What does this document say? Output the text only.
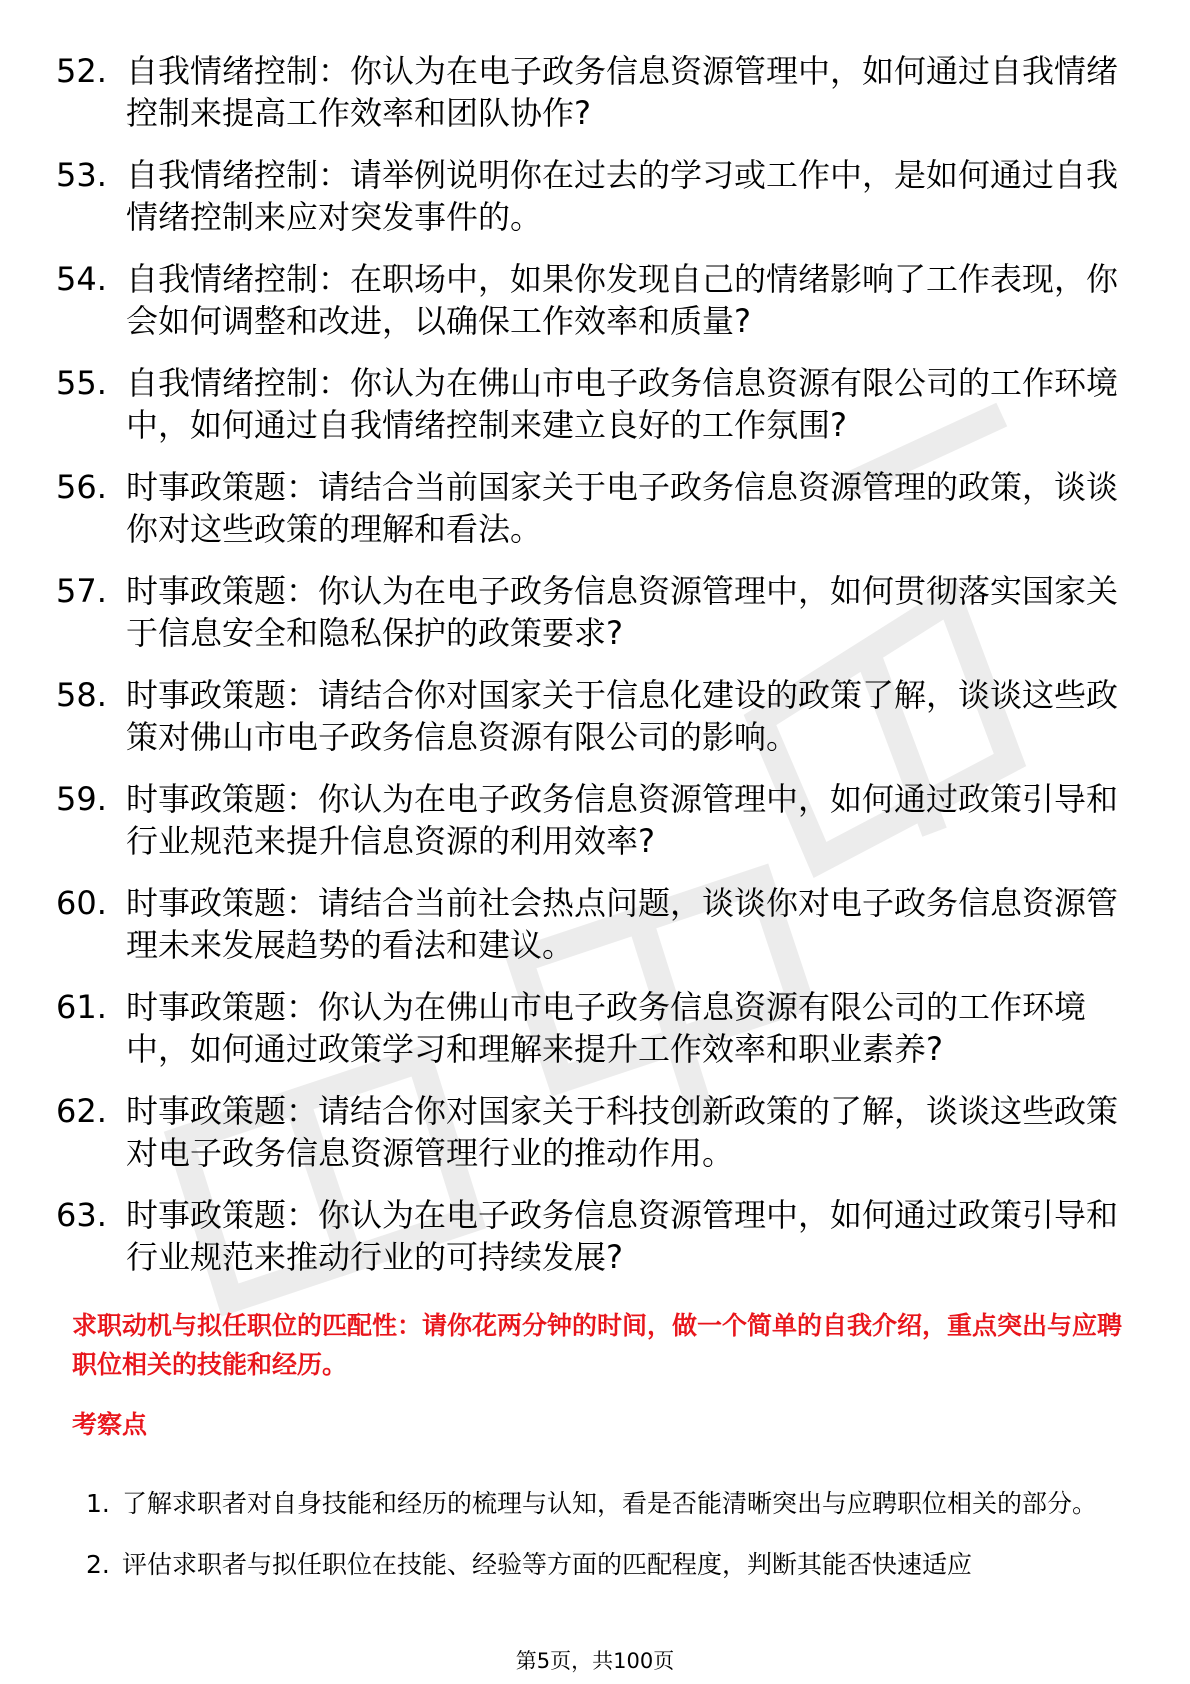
52. 自我情绪控制：你认为在电子政务信息资源管理中，如何通过自我情绪控制来提高工作效率和团队协作?
53. 自我情绪控制：请举例说明你在过去的学习或工作中，是如何通过自我情绪控制来应对突发事件的。
54. 自我情绪控制：在职场中，如果你发现自己的情绪影响了工作表现，你会如何调整和改进，以确保工作效率和质量?
55. 自我情绪控制：你认为在佛山市电子政务信息资源有限公司的工作环境中，如何通过自我情绪控制来建立良好的工作氛围?
56. 时事政策题：请结合当前国家关于电子政务信息资源管理的政策，谈谈你对这些政策的理解和看法。
57. 时事政策题：你认为在电子政务信息资源管理中，如何贯彻落实国家关于信息安全和隐私保护的政策要求?
58. 时事政策题：请结合你对国家关于信息化建设的政策了解，谈谈这些政策对佛山市电子政务信息资源有限公司的影响。
59. 时事政策题：你认为在电子政务信息资源管理中，如何通过政策引导和行业规范来提升信息资源的利用效率?
60. 时事政策题：请结合当前社会热点问题，谈谈你对电子政务信息资源管理未来发展趋势的看法和建议。
61. 时事政策题：你认为在佛山市电子政务信息资源有限公司的工作环境中，如何通过政策学习和理解来提升工作效率和职业素养?
62. 时事政策题：请结合你对国家关于科技创新政策的了解，谈谈这些政策对电子政务信息资源管理行业的推动作用。
63. 时事政策题：你认为在电子政务信息资源管理中，如何通过政策引导和行业规范来推动行业的可持续发展?
求职动机与拟任职位的匹配性：请你花两分钟的时间，做一个简单的自我介绍，重点突出与应聘职位相关的技能和经历。
考察点
1. 了解求职者对自身技能和经历的梳理与认知，看是否能清晰突出与应聘职位相关的部分。
2. 评估求职者与拟任职位在技能、经验等方面的匹配程度，判断其能否快速适应
第5页，共100页
